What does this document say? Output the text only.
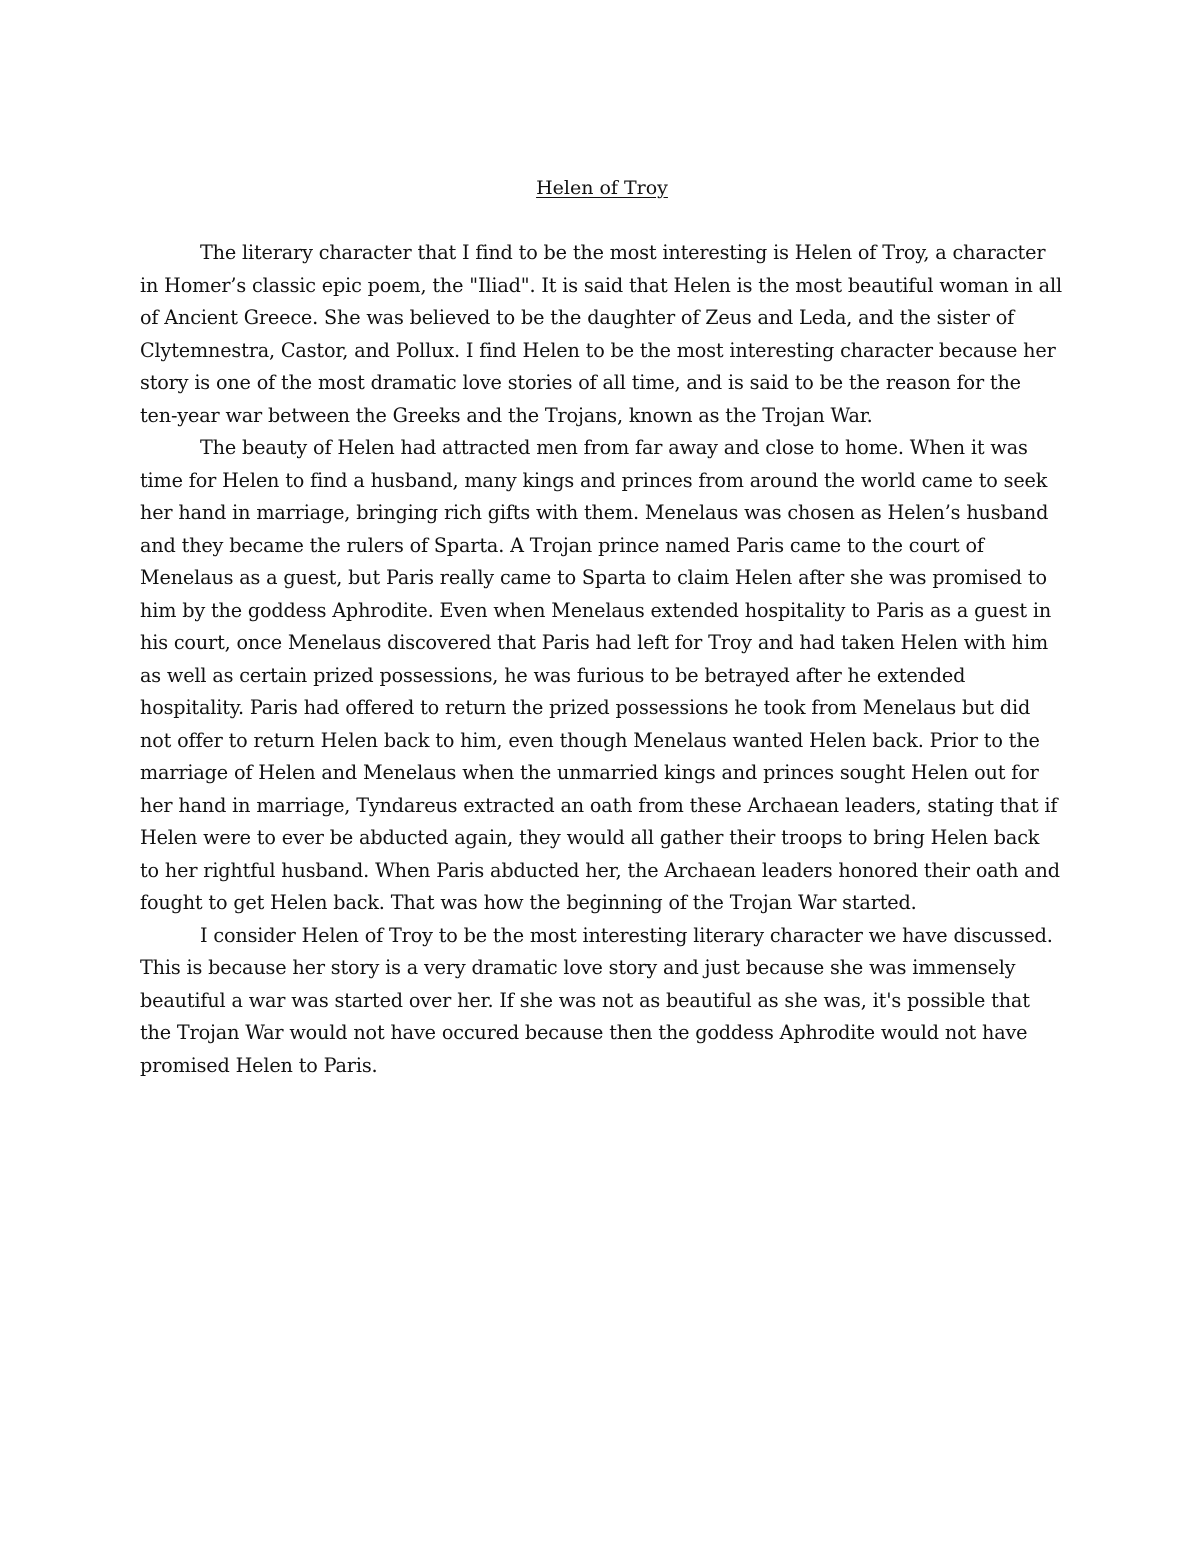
Helen of Troy

The literary character that I find to be the most interesting is Helen of Troy, a character in Homer’s classic epic poem, the "Iliad". It is said that Helen is the most beautiful woman in all of Ancient Greece. She was believed to be the daughter of Zeus and Leda, and the sister of Clytemnestra, Castor, and Pollux. I find Helen to be the most interesting character because her story is one of the most dramatic love stories of all time, and is said to be the reason for the ten-year war between the Greeks and the Trojans, known as the Trojan War.

The beauty of Helen had attracted men from far away and close to home. When it was time for Helen to find a husband, many kings and princes from around the world came to seek her hand in marriage, bringing rich gifts with them. Menelaus was chosen as Helen’s husband and they became the rulers of Sparta. A Trojan prince named Paris came to the court of Menelaus as a guest, but Paris really came to Sparta to claim Helen after she was promised to him by the goddess Aphrodite. Even when Menelaus extended hospitality to Paris as a guest in his court, once Menelaus discovered that Paris had left for Troy and had taken Helen with him as well as certain prized possessions, he was furious to be betrayed after he extended hospitality. Paris had offered to return the prized possessions he took from Menelaus but did not offer to return Helen back to him, even though Menelaus wanted Helen back. Prior to the marriage of Helen and Menelaus when the unmarried kings and princes sought Helen out for her hand in marriage, Tyndareus extracted an oath from these Archaean leaders, stating that if Helen were to ever be abducted again, they would all gather their troops to bring Helen back to her rightful husband. When Paris abducted her, the Archaean leaders honored their oath and fought to get Helen back. That was how the beginning of the Trojan War started.

I consider Helen of Troy to be the most interesting literary character we have discussed. This is because her story is a very dramatic love story and just because she was immensely beautiful a war was started over her. If she was not as beautiful as she was, it's possible that the Trojan War would not have occured because then the goddess Aphrodite would not have promised Helen to Paris.
